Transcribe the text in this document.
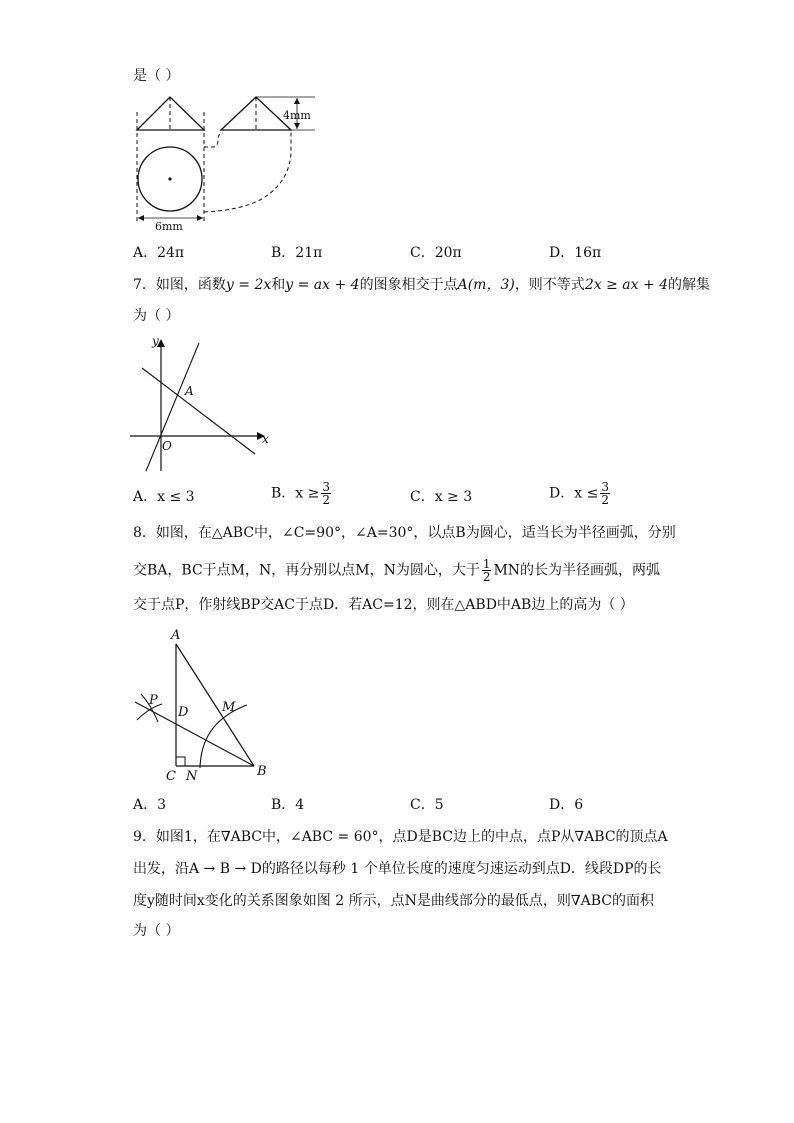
是（ ）
4mm
6mm
A．24π	B．21π	C．20π	D．16π
7．如图，函数y = 2x和y = ax + 4的图象相交于点A(m，3)，则不等式2x ≥ ax + 4的解集
为（ ）
y
A
O	x
A．x ≤ 3	B．$x \ge \frac{3}{2}$	C．x ≥ 3	D．$x \le \frac{3}{2}$
8．如图，在△ABC中，∠C=90°，∠A=30°，以点B为圆心，适当长为半径画弧，分别
交BA，BC于点M，N，再分别以点M，N为圆心，大于 $\frac{1}{2}$ MN的长为半径画弧，两弧
交于点P，作射线BP交AC于点D．若AC=12，则在△ABD中AB边上的高为（ ）
A
P
D	M
C N	B
A．3	B．4	C．5	D．6
9．如图1，在∇ABC中，∠ABC = 60°，点D是BC边上的中点，点P从∇ABC的顶点A
出发，沿A → B → D的路径以每秒 1 个单位长度的速度匀速运动到点D．线段DP的长
度y随时间x变化的关系图象如图 2 所示，点N是曲线部分的最低点，则∇ABC的面积
为（ ）
